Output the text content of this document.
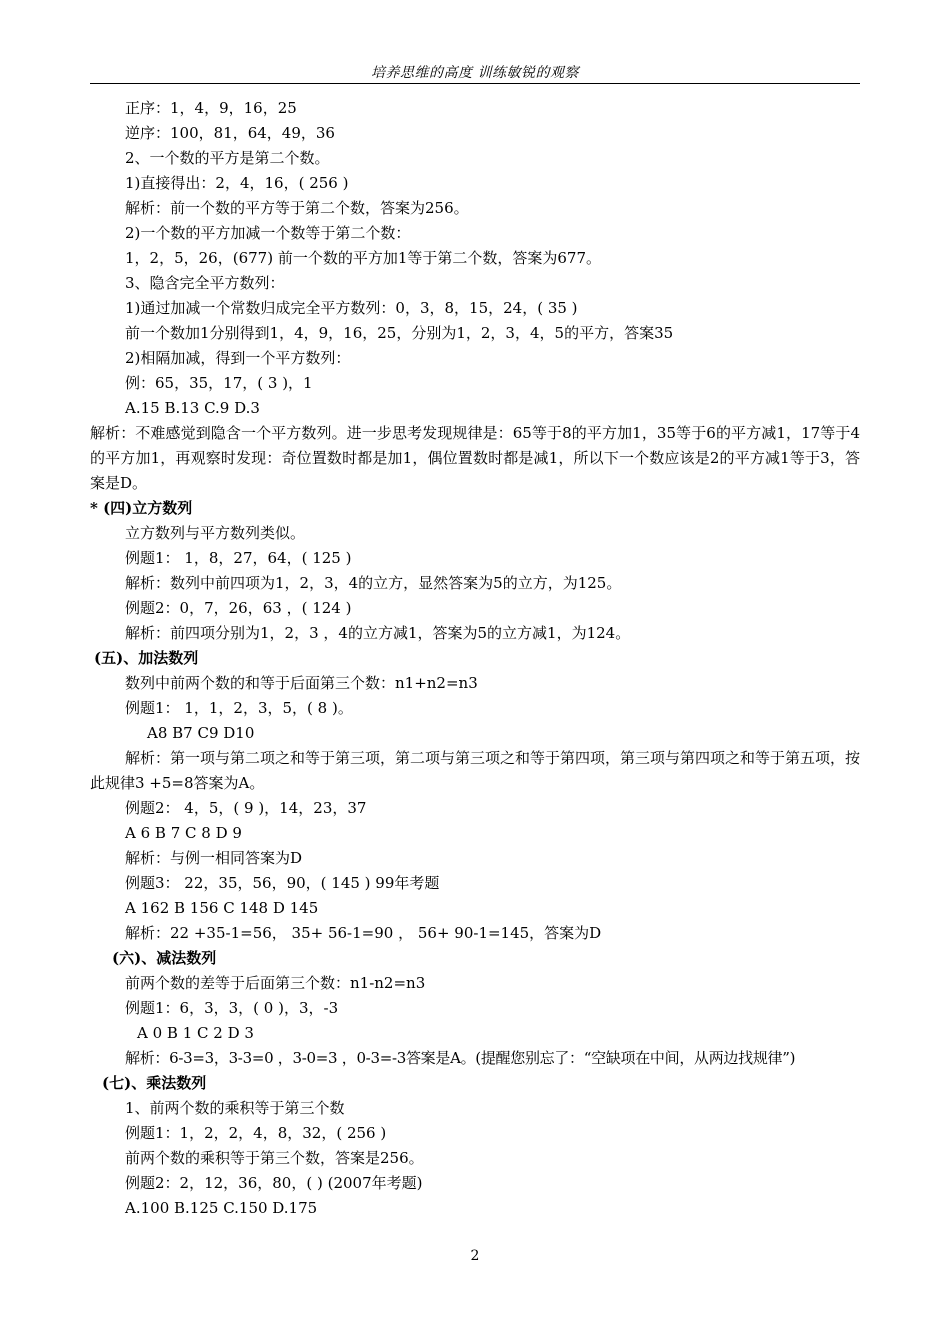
培养思维的高度 训练敏锐的观察
正序：1，4，9，16，25
逆序：100，81，64，49，36
2、一个数的平方是第二个数。
1)直接得出：2，4，16，( 256 )
解析：前一个数的平方等于第二个数，答案为256。
2)一个数的平方加减一个数等于第二个数：
1，2，5，26，(677) 前一个数的平方加1等于第二个数，答案为677。
3、隐含完全平方数列：
1)通过加减一个常数归成完全平方数列：0，3，8，15，24，( 35 )
前一个数加1分别得到1，4，9，16，25，分别为1，2，3，4，5的平方，答案35
2)相隔加减，得到一个平方数列：
例：65，35，17，( 3 )，1
A.15 B.13 C.9 D.3
解析：不难感觉到隐含一个平方数列。进一步思考发现规律是：65等于8的平方加1，35等于6的平方减1，17等于4的平方加1，再观察时发现：奇位置数时都是加1，偶位置数时都是减1，所以下一个数应该是2的平方减1等于3，答案是D。
* (四)立方数列
立方数列与平方数列类似。
例题1： 1，8，27，64，( 125 )
解析：数列中前四项为1，2，3，4的立方，显然答案为5的立方，为125。
例题2：0，7，26，63 ，( 124 )
解析：前四项分别为1，2，3 ，4的立方减1，答案为5的立方减1，为124。
(五)、加法数列
数列中前两个数的和等于后面第三个数：n1+n2=n3
例题1： 1，1，2，3，5，( 8 )。
A8 B7 C9 D10
解析：第一项与第二项之和等于第三项，第二项与第三项之和等于第四项，第三项与第四项之和等于第五项，按此规律3 +5=8答案为A。
例题2： 4，5，( 9 )，14，23，37
A 6 B 7 C 8 D 9
解析：与例一相同答案为D
例题3： 22，35，56，90，( 145 ) 99年考题
A 162 B 156 C 148 D 145
解析：22 +35-1=56， 35+ 56-1=90 ， 56+ 90-1=145，答案为D
(六)、减法数列
前两个数的差等于后面第三个数：n1-n2=n3
例题1：6，3，3，( 0 )，3，-3
A 0 B 1 C 2 D 3
解析：6-3=3，3-3=0 ，3-0=3 ，0-3=-3答案是A。(提醒您别忘了：“空缺项在中间，从两边找规律”)
(七)、乘法数列
1、前两个数的乘积等于第三个数
例题1：1，2，2，4，8，32，( 256 )
前两个数的乘积等于第三个数，答案是256。
例题2：2，12，36，80，( ) (2007年考题)
A.100 B.125 C.150 D.175
2
